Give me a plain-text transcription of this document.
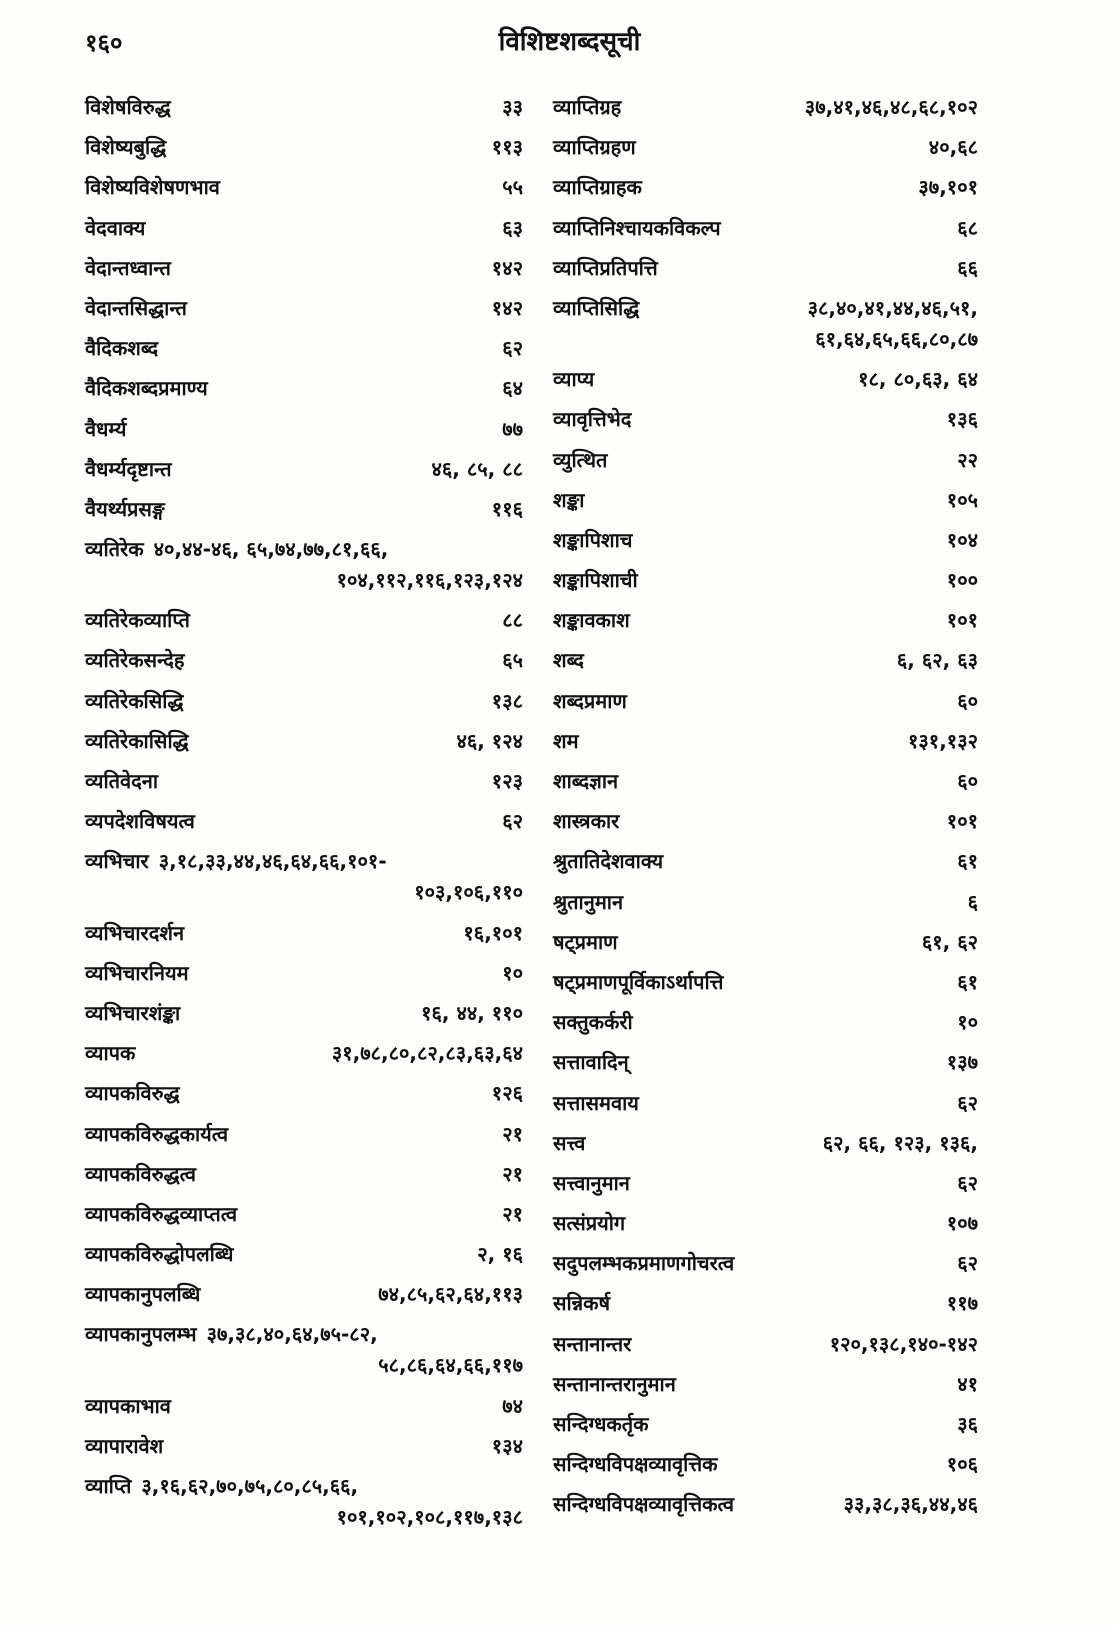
१६०	विशिष्टशब्दसूची
विशेषविरुद्ध	३३
विशेष्यबुद्धि	११३
विशेष्यविशेषणभाव	५५
वेदवाक्य	६३
वेदान्तध्वान्त	१४२
वेदान्तसिद्धान्त	१४२
वैदिकशब्द	६२
वैदिकशब्दप्रमाण्य	६४
वैधर्म्य	७७
वैधर्म्यदृष्टान्त	४६, ८५, ८८
वैयर्थ्यप्रसङ्ग	११६
व्यतिरेक ४०,४४-४६, ६५,७४,७७,८१,६६,
१०४,११२,११६,१२३,१२४
व्यतिरेकव्याप्ति	८८
व्यतिरेकसन्देह	६५
व्यतिरेकसिद्धि	१३८
व्यतिरेकासिद्धि	४६, १२४
व्यतिवेदना	१२३
व्यपदेशविषयत्व	६२
व्यभिचार ३,१८,३३,४४,४६,६४,६६,१०१-
१०३,१०६,११०
व्यभिचारदर्शन	१६,१०१
व्यभिचारनियम	१०
व्यभिचारशंङ्का	१६, ४४, ११०
व्यापक	३१,७८,८०,८२,८३,६३,६४
व्यापकविरुद्ध	१२६
व्यापकविरुद्धकार्यत्व	२१
व्यापकविरुद्धत्व	२१
व्यापकविरुद्धव्याप्तत्व	२१
व्यापकविरुद्धोपलब्धि	२, १६
व्यापकानुपलब्धि	७४,८५,६२,६४,११३
व्यापकानुपलम्भ ३७,३८,४०,६४,७५-८२,
५८,८६,६४,६६,११७
व्यापकाभाव	७४
व्यापारावेश	१३४
व्याप्ति ३,१६,६२,७०,७५,८०,८५,६६,
१०१,१०२,१०८,११७,१३८
व्याप्तिग्रह	३७,४१,४६,४८,६८,१०२
व्याप्तिग्रहण	४०,६८
व्याप्तिग्राहक	३७,१०१
व्याप्तिनिश्चायकविकल्प	६८
व्याप्तिप्रतिपत्ति	६६
व्याप्तिसिद्धि	३८,४०,४१,४४,४६,५१,
६१,६४,६५,६६,८०,८७
व्याप्य	१८, ८०,६३, ६४
व्यावृत्तिभेद	१३६
व्युत्थित	२२
शङ्का	१०५
शङ्कापिशाच	१०४
शङ्कापिशाची	१००
शङ्कावकाश	१०१
शब्द	६, ६२, ६३
शब्दप्रमाण	६०
शम	१३१,१३२
शाब्दज्ञान	६०
शास्त्रकार	१०१
श्रुतातिदेशवाक्य	६१
श्रुतानुमान	६
षट्प्रमाण	६१, ६२
षट्प्रमाणपूर्विकाऽर्थापत्ति	६१
सक्तुकर्करी	१०
सत्तावादिन्	१३७
सत्तासमवाय	६२
सत्त्व	६२, ६६, १२३, १३६,
सत्त्वानुमान	६२
सत्संप्रयोग	१०७
सदुपलम्भकप्रमाणगोचरत्व	६२
सन्निकर्ष	११७
सन्तानान्तर	१२०,१३८,१४०-१४२
सन्तानान्तरानुमान	४१
सन्दिग्धकर्तृक	३६
सन्दिग्धविपक्षव्यावृत्तिक	१०६
सन्दिग्धविपक्षव्यावृत्तिकत्व	३३,३८,३६,४४,४६
